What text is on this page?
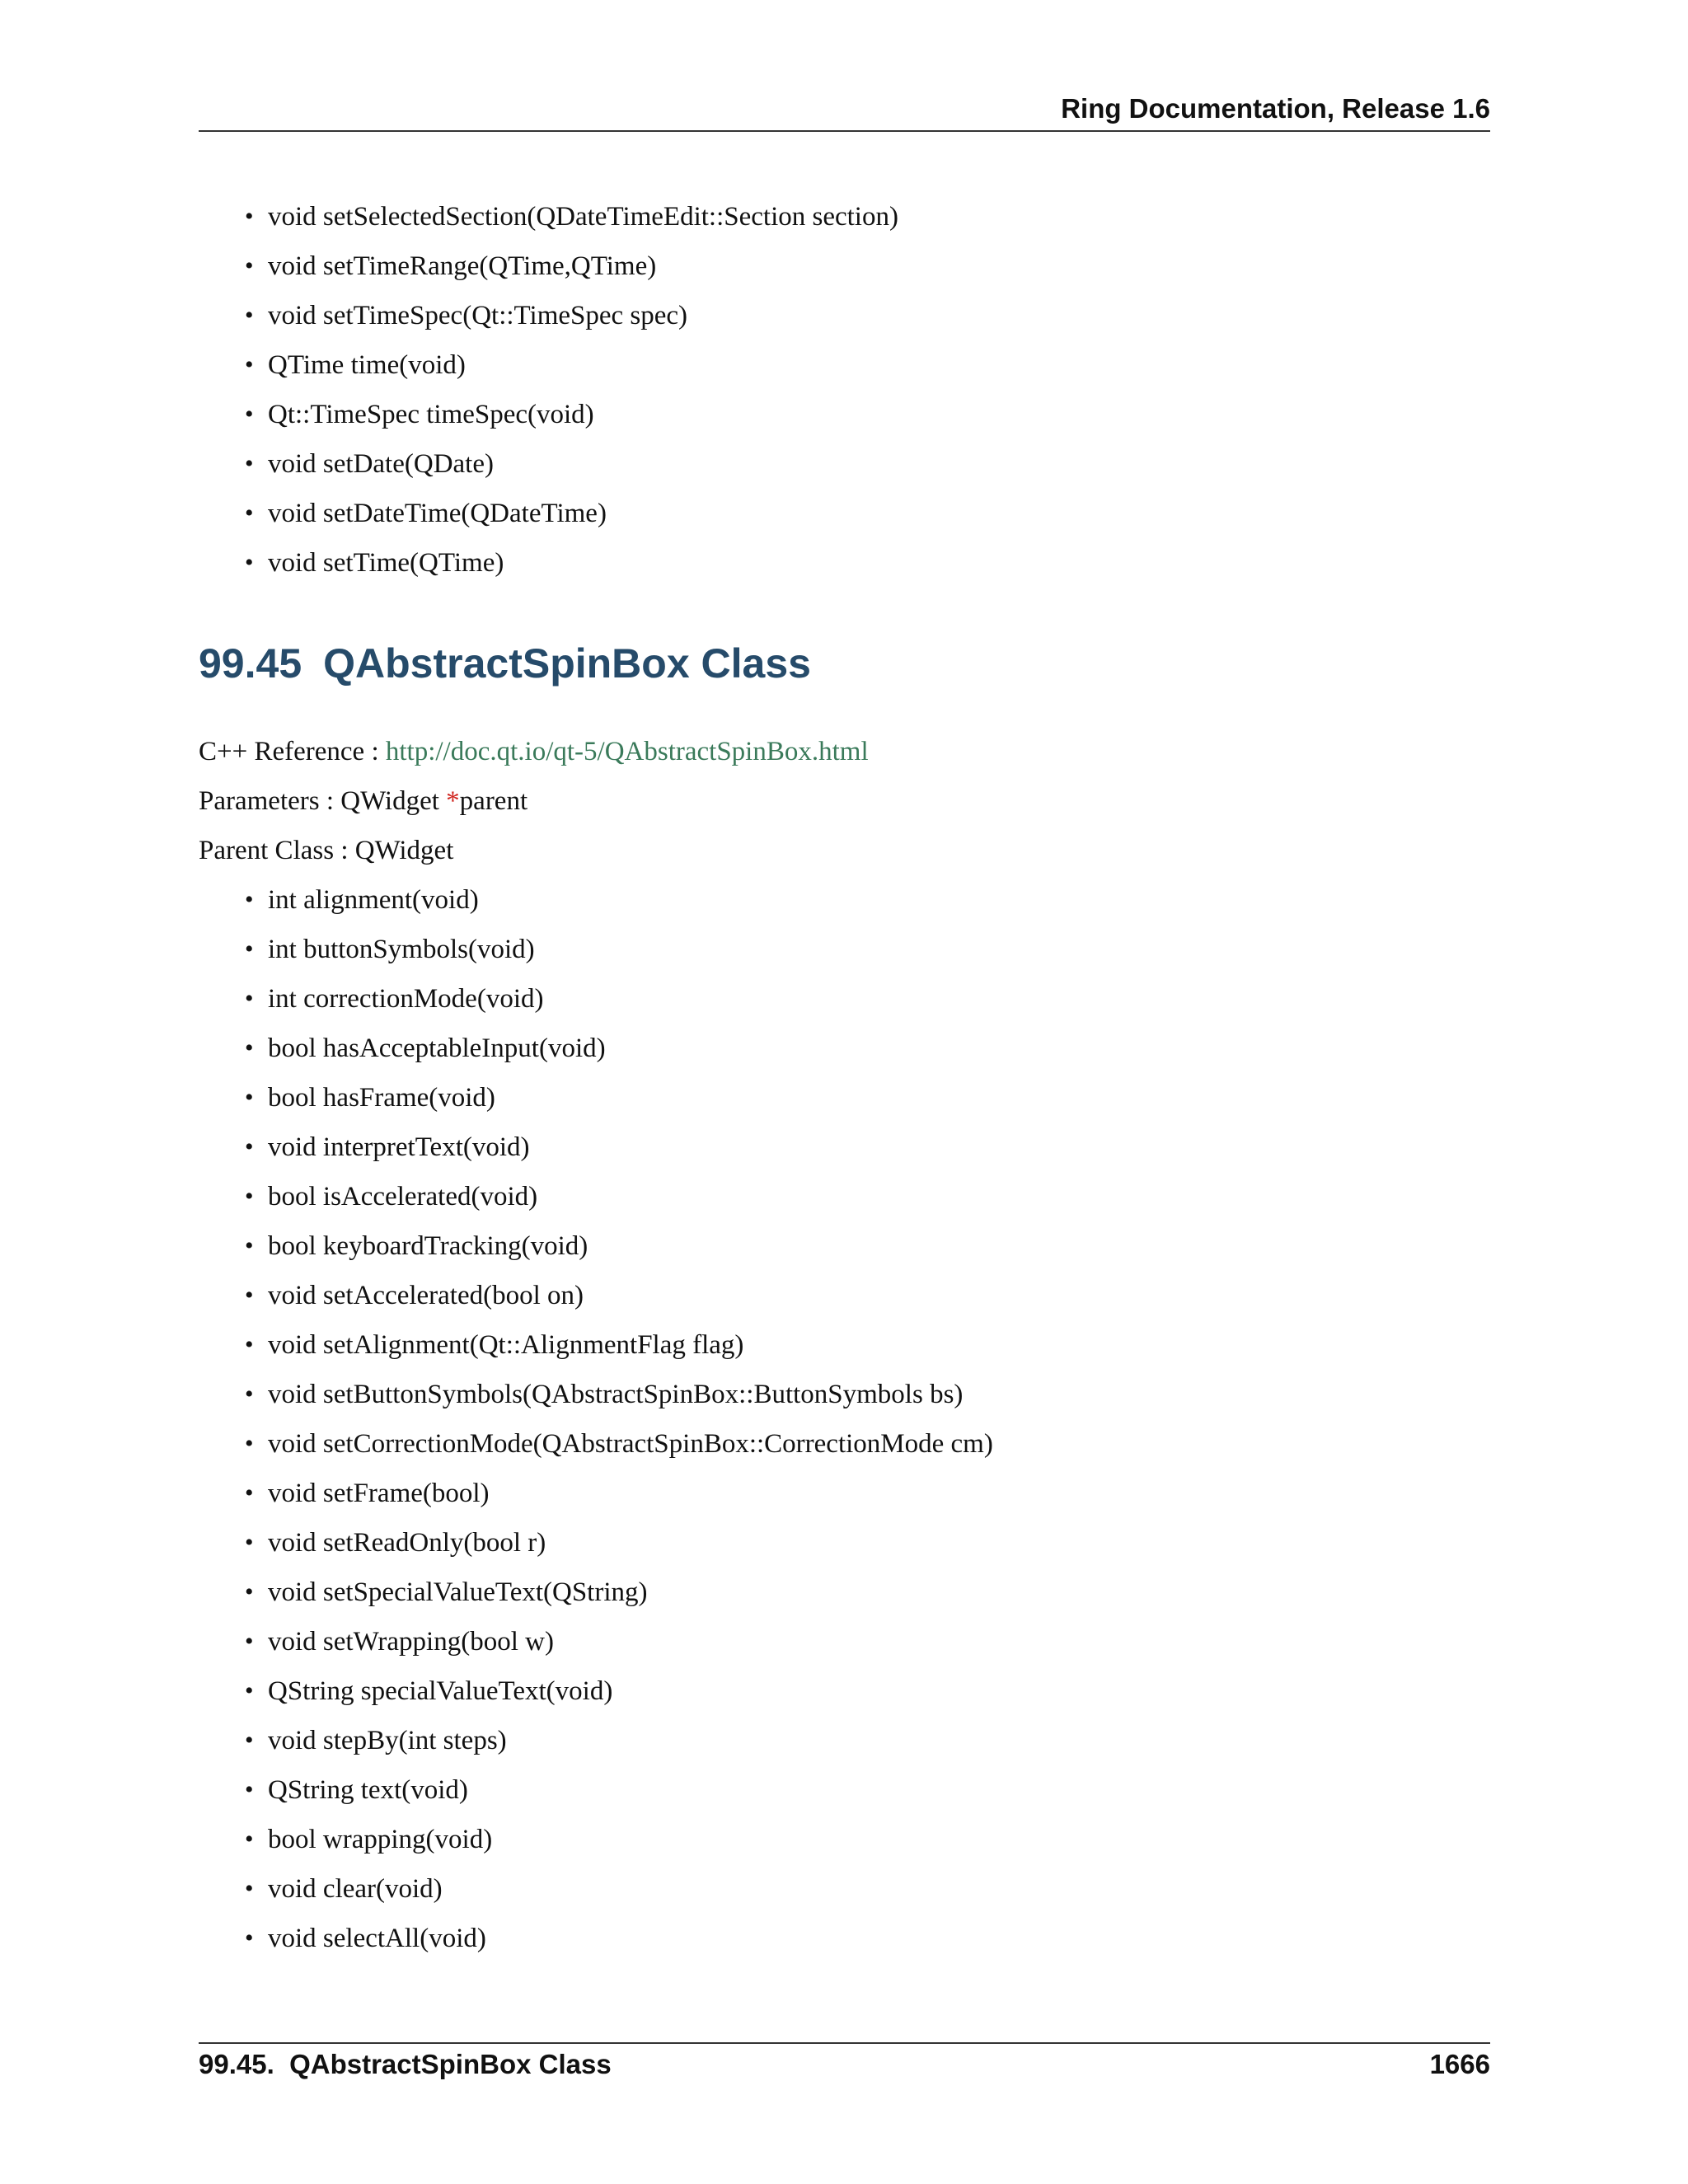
Ring Documentation, Release 1.6
• void setSelectedSection(QDateTimeEdit::Section section)
• void setTimeRange(QTime,QTime)
• void setTimeSpec(Qt::TimeSpec spec)
• QTime time(void)
• Qt::TimeSpec timeSpec(void)
• void setDate(QDate)
• void setDateTime(QDateTime)
• void setTime(QTime)
99.45 QAbstractSpinBox Class
C++ Reference : http://doc.qt.io/qt-5/QAbstractSpinBox.html
Parameters : QWidget *parent
Parent Class : QWidget
• int alignment(void)
• int buttonSymbols(void)
• int correctionMode(void)
• bool hasAcceptableInput(void)
• bool hasFrame(void)
• void interpretText(void)
• bool isAccelerated(void)
• bool keyboardTracking(void)
• void setAccelerated(bool on)
• void setAlignment(Qt::AlignmentFlag flag)
• void setButtonSymbols(QAbstractSpinBox::ButtonSymbols bs)
• void setCorrectionMode(QAbstractSpinBox::CorrectionMode cm)
• void setFrame(bool)
• void setReadOnly(bool r)
• void setSpecialValueText(QString)
• void setWrapping(bool w)
• QString specialValueText(void)
• void stepBy(int steps)
• QString text(void)
• bool wrapping(void)
• void clear(void)
• void selectAll(void)
99.45.  QAbstractSpinBox Class	1666
